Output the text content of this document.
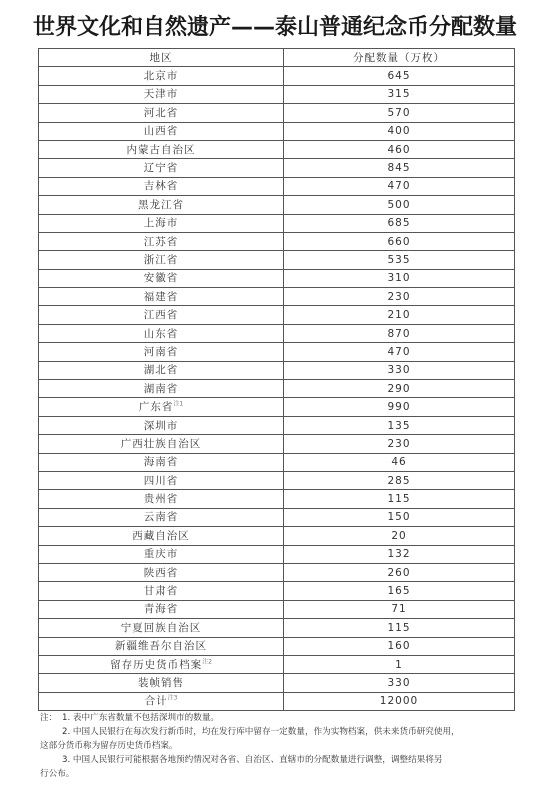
世界文化和自然遗产——泰山普通纪念币分配数量
地区	分配数量（万枚）
北京市	645
天津市	315
河北省	570
山西省	400
内蒙古自治区	460
辽宁省	845
吉林省	470
黑龙江省	500
上海市	685
江苏省	660
浙江省	535
安徽省	310
福建省	230
江西省	210
山东省	870
河南省	470
湖北省	330
湖南省	290
广东省$^{注1}$	990
深圳市	135
广西壮族自治区	230
海南省	46
四川省	285
贵州省	115
云南省	150
西藏自治区	20
重庆市	132
陕西省	260
甘肃省	165
青海省	71
宁夏回族自治区	115
新疆维吾尔自治区	160
留存历史货币档案$^{注2}$	1
装帧销售	330
合计$^{注3}$	12000
注： 1. 表中广东省数量不包括深圳市的数量。
2. 中国人民银行在每次发行新币时，均在发行库中留存一定数量，作为实物档案，供未来货币研究使用，
这部分货币称为留存历史货币档案。
3. 中国人民银行可能根据各地预约情况对各省、自治区、直辖市的分配数量进行调整，调整结果将另
行公布。
